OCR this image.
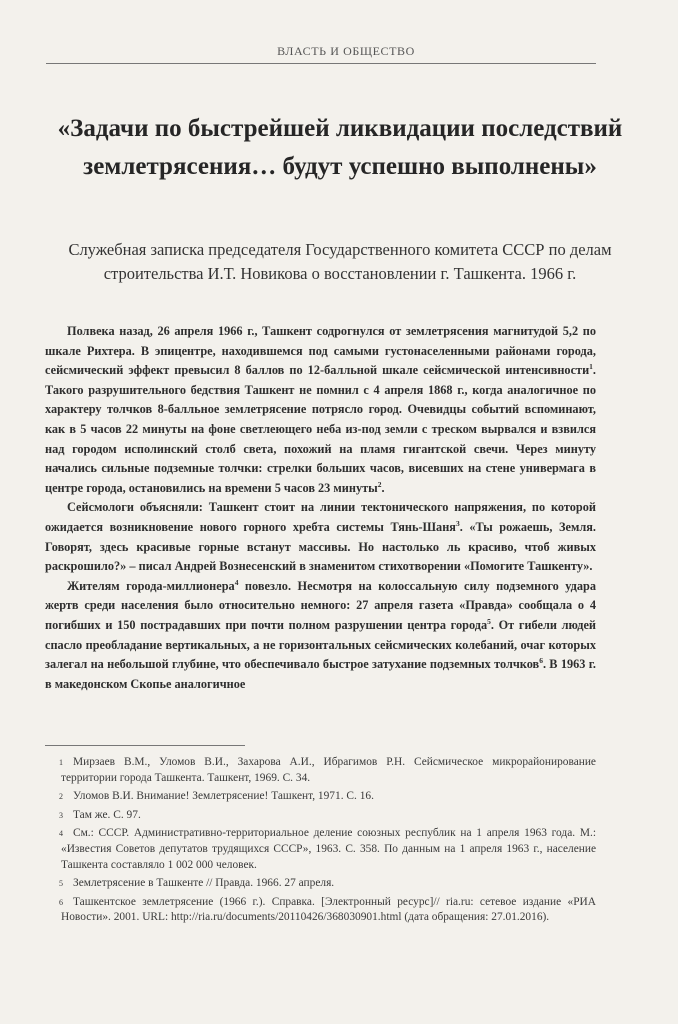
ВЛАСТЬ И ОБЩЕСТВО
«Задачи по быстрейшей ликвидации последствий землетрясения… будут успешно выполнены»

Служебная записка председателя Государственного комитета СССР по делам строительства И.Т. Новикова о восстановлении г. Ташкента. 1966 г.

Полвека назад, 26 апреля 1966 г., Ташкент содрогнулся от землетрясения магнитудой 5,2 по шкале Рихтера. В эпицентре, находившемся под самыми густонаселенными районами города, сейсмический эффект превысил 8 баллов по 12-балльной шкале сейсмической интенсивности$^1$. Такого разрушительного бедствия Ташкент не помнил с 4 апреля 1868 г., когда аналогичное по характеру толчков 8-балльное землетрясение потрясло город. Очевидцы событий вспоминают, как в 5 часов 22 минуты на фоне светлеющего неба из-под земли с треском вырвался и взвился над городом исполинский столб света, похожий на пламя гигантской свечи. Через минуту начались сильные подземные толчки: стрелки больших часов, висевших на стене универмага в центре города, остановились на времени 5 часов 23 минуты$^2$.

Сейсмологи объясняли: Ташкент стоит на линии тектонического напряжения, по которой ожидается возникновение нового горного хребта системы Тянь-Шаня$^3$. «Ты рожаешь, Земля. Говорят, здесь красивые горные встанут массивы. Но настолько ль красиво, чтоб живых раскрошило?» – писал Андрей Вознесенский в знаменитом стихотворении «Помогите Ташкенту».

Жителям города-миллионера$^4$ повезло. Несмотря на колоссальную силу подземного удара жертв среди населения было относительно немного: 27 апреля газета «Правда» сообщала о 4 погибших и 150 пострадавших при почти полном разрушении центра города$^5$. От гибели людей спасло преобладание вертикальных, а не горизонтальных сейсмических колебаний, очаг которых залегал на небольшой глубине, что обеспечивало быстрое затухание подземных толчков$^6$. В 1963 г. в македонском Скопье аналогичное

1 Мирзаев В.М., Уломов В.И., Захарова А.И., Ибрагимов Р.Н. Сейсмическое микрорайонирование территории города Ташкента. Ташкент, 1969. С. 34.

2 Уломов В.И. Внимание! Землетрясение! Ташкент, 1971. С. 16.

3 Там же. С. 97.

4 См.: СССР. Административно-территориальное деление союзных республик на 1 апреля 1963 года. М.: «Известия Советов депутатов трудящихся СССР», 1963. С. 358. По данным на 1 апреля 1963 г., население Ташкента составляло 1 002 000 человек.

5 Землетрясение в Ташкенте // Правда. 1966. 27 апреля.

6 Ташкентское землетрясение (1966 г.). Справка. [Электронный ресурс]// ria.ru: сетевое издание «РИА Новости». 2001. URL: http://ria.ru/documents/20110426/368030901.html (дата обращения: 27.01.2016).
